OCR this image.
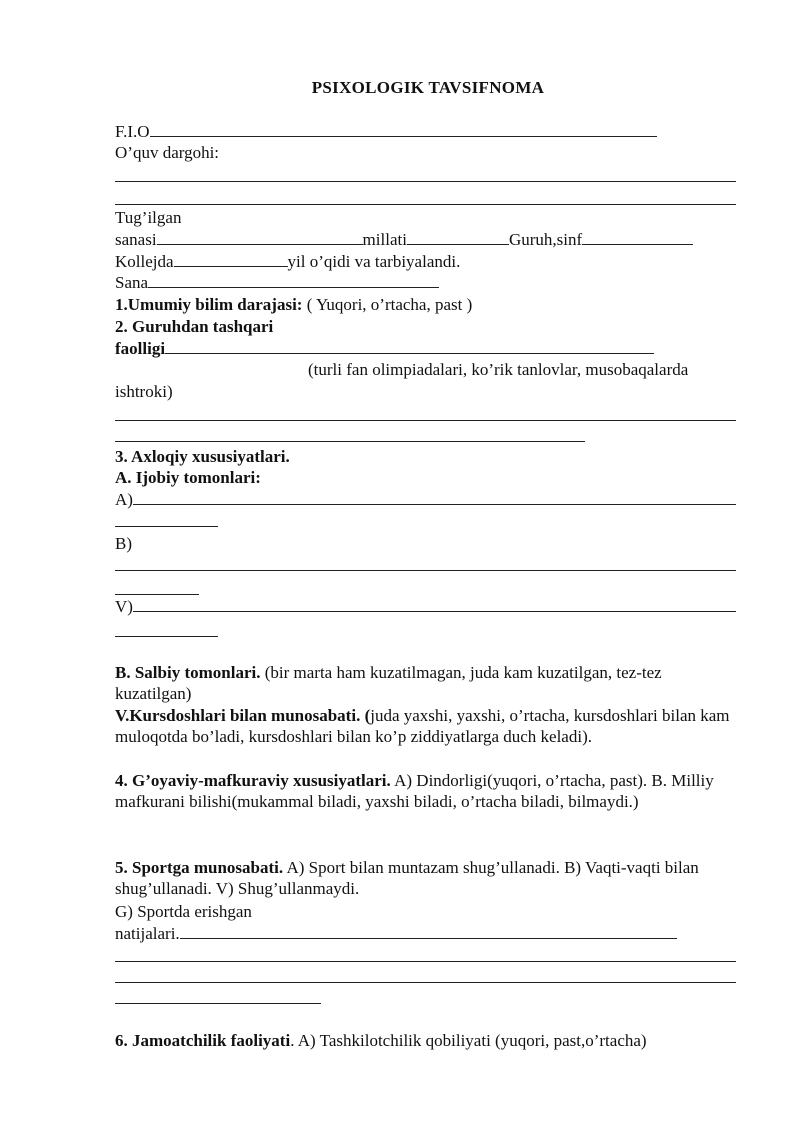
PSIXOLOGIK TAVSIFNOMA
F.I.O
O’quv dargohi:
Tug’ilgan
sanasi	millati	Guruh,sinf
Kollejda	yil o’qidi va tarbiyalandi.
Sana
1.Umumiy bilim darajasi: ( Yuqori, o’rtacha, past )
2. Guruhdan tashqari
faolligi
(turli fan olimpiadalari, ko’rik tanlovlar, musobaqalarda
ishtroki)
3. Axloqiy xususiyatlari.
A. Ijobiy tomonlari:
A)
B)
V)
B. Salbiy tomonlari. (bir marta ham kuzatilmagan, juda kam kuzatilgan, tez-tez kuzatilgan)
V.Kursdoshlari bilan munosabati. (juda yaxshi, yaxshi, o’rtacha, kursdoshlari bilan kam muloqotda bo’ladi, kursdoshlari bilan ko’p ziddiyatlarga duch keladi).
4. G’oyaviy-mafkuraviy xususiyatlari. A) Dindorligi(yuqori, o’rtacha, past). B. Milliy mafkurani bilishi(mukammal biladi, yaxshi biladi, o’rtacha biladi, bilmaydi.)
5. Sportga munosabati. A) Sport bilan muntazam shug’ullanadi. B) Vaqti-vaqti bilan shug’ullanadi. V) Shug’ullanmaydi.
G) Sportda erishgan
natijalari.
6. Jamoatchilik faoliyati. A) Tashkilotchilik qobiliyati (yuqori, past,o’rtacha)
